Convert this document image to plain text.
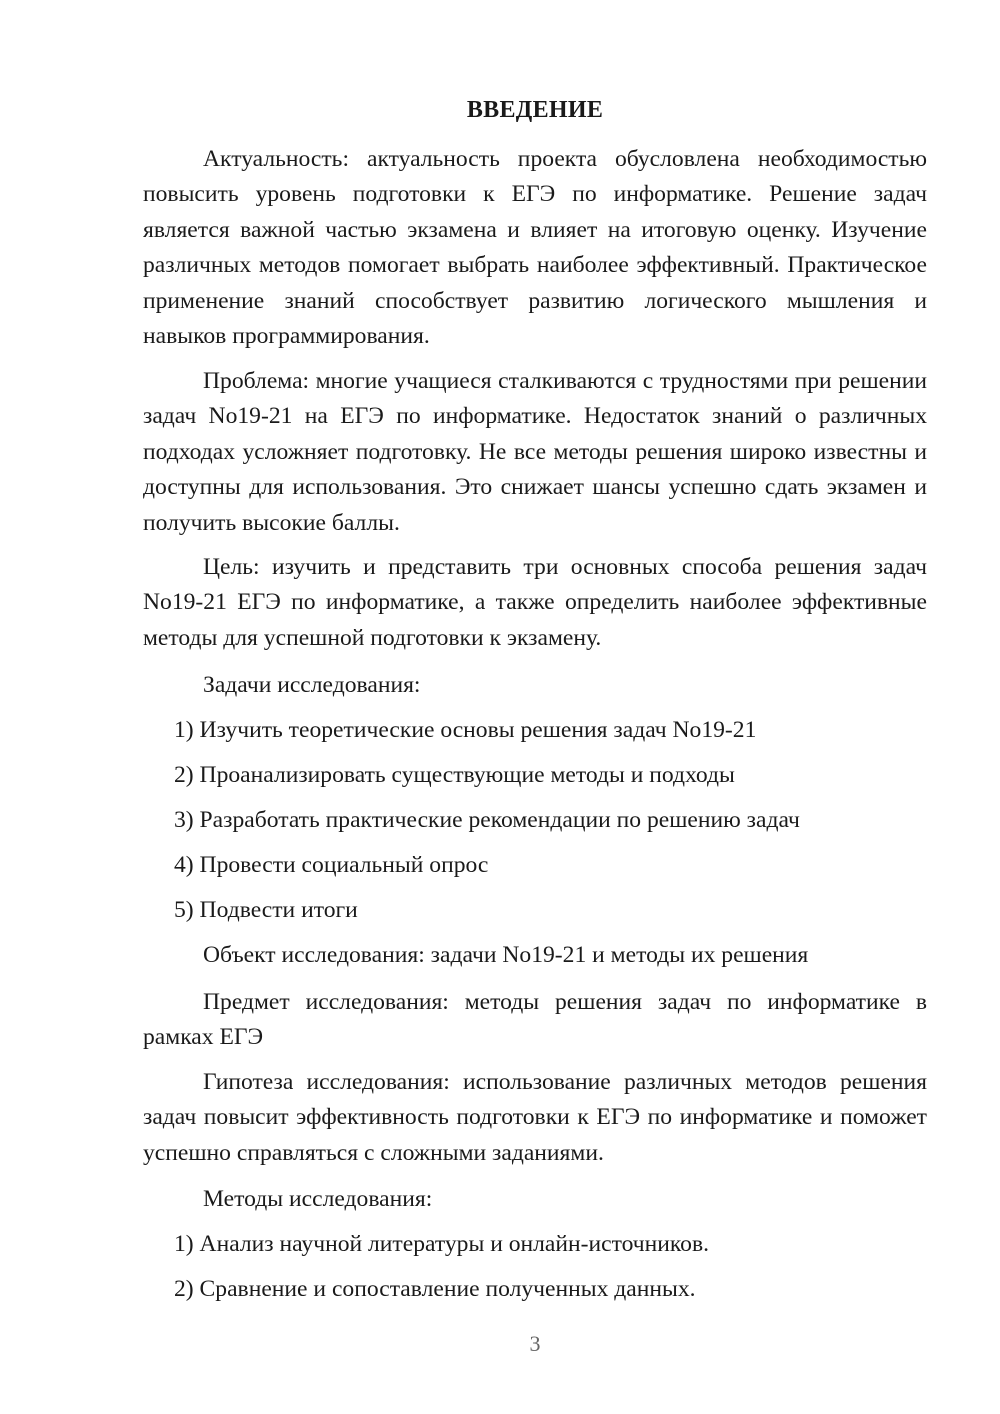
ВВЕДЕНИЕ
Актуальность: актуальность проекта обусловлена необходимостью повысить уровень подготовки к ЕГЭ по информатике. Решение задач является важной частью экзамена и влияет на итоговую оценку. Изучение различных методов помогает выбрать наиболее эффективный. Практическое применение знаний способствует развитию логического мышления и навыков программирования.
Проблема: многие учащиеся сталкиваются с трудностями при решении задач No19-21 на ЕГЭ по информатике. Недостаток знаний о различных подходах усложняет подготовку. Не все методы решения широко известны и доступны для использования. Это снижает шансы успешно сдать экзамен и получить высокие баллы.
Цель: изучить и представить три основных способа решения задач No19-21 ЕГЭ по информатике, а также определить наиболее эффективные методы для успешной подготовки к экзамену.
Задачи исследования:
1) Изучить теоретические основы решения задач No19-21
2) Проанализировать существующие методы и подходы
3) Разработать практические рекомендации по решению задач
4) Провести социальный опрос
5) Подвести итоги
Объект исследования: задачи No19-21 и методы их решения
Предмет исследования: методы решения задач по информатике в рамках ЕГЭ
Гипотеза исследования: использование различных методов решения задач повысит эффективность подготовки к ЕГЭ по информатике и поможет успешно справляться с сложными заданиями.
Методы исследования:
1) Анализ научной литературы и онлайн-источников.
2) Сравнение и сопоставление полученных данных.
3
